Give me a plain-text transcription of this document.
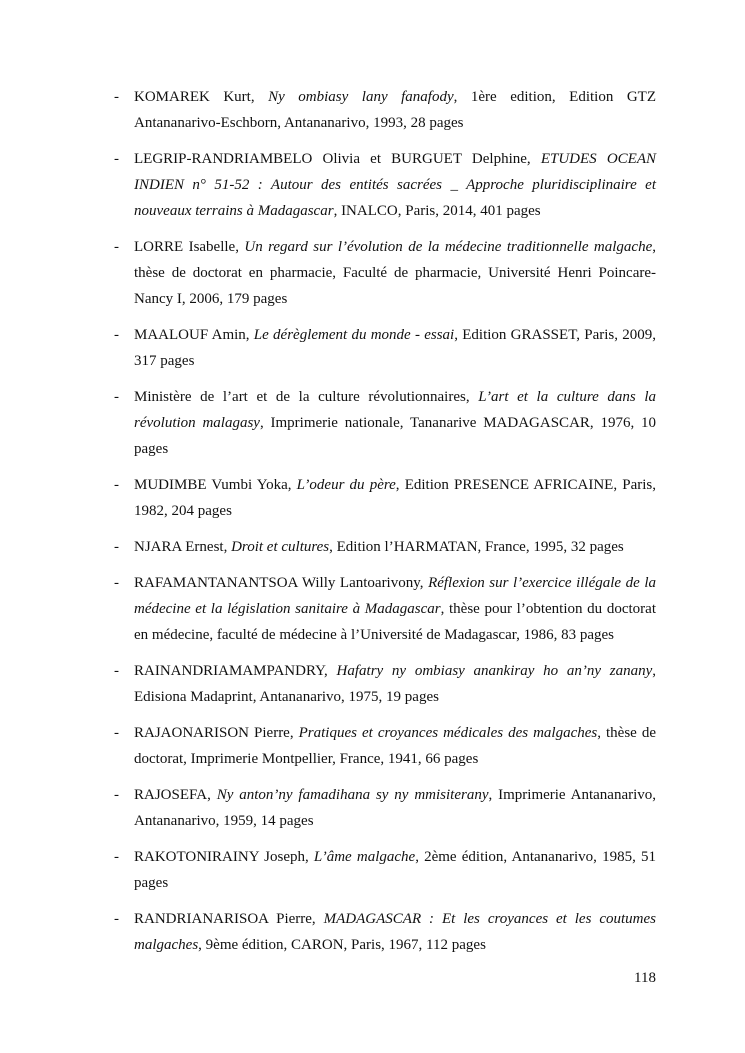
- KOMAREK Kurt, Ny ombiasy lany fanafody, 1ère edition, Edition GTZ Antananarivo-Eschborn, Antananarivo, 1993, 28 pages
- LEGRIP-RANDRIAMBELO Olivia et BURGUET Delphine, ETUDES OCEAN INDIEN n° 51-52 : Autour des entités sacrées _ Approche pluridisciplinaire et nouveaux terrains à Madagascar, INALCO, Paris, 2014, 401 pages
- LORRE Isabelle, Un regard sur l’évolution de la médecine traditionnelle malgache, thèse de doctorat en pharmacie, Faculté de pharmacie, Université Henri Poincare-Nancy I, 2006, 179 pages
- MAALOUF Amin, Le dérèglement du monde - essai, Edition GRASSET, Paris, 2009, 317 pages
- Ministère de l’art et de la culture révolutionnaires, L’art et la culture dans la révolution malagasy, Imprimerie nationale, Tananarive MADAGASCAR, 1976, 10 pages
- MUDIMBE Vumbi Yoka, L’odeur du père, Edition PRESENCE AFRICAINE, Paris, 1982, 204 pages
- NJARA Ernest, Droit et cultures, Edition l’HARMATAN, France, 1995, 32 pages
- RAFAMANTANANTSOA Willy Lantoarivony, Réflexion sur l’exercice illégale de la médecine et la législation sanitaire à Madagascar, thèse pour l’obtention du doctorat en médecine, faculté de médecine à l’Université de Madagascar, 1986, 83 pages
- RAINANDRIAMAMPANDRY, Hafatry ny ombiasy anankiray ho an’ny zanany, Edisiona Madaprint, Antananarivo, 1975, 19 pages
- RAJAONARISON Pierre, Pratiques et croyances médicales des malgaches, thèse de doctorat, Imprimerie Montpellier, France, 1941, 66 pages
- RAJOSEFA, Ny anton’ny famadihana sy ny mmisiterany, Imprimerie Antananarivo, Antananarivo, 1959, 14 pages
- RAKOTONIRAINY Joseph, L’âme malgache, 2ème édition, Antananarivo, 1985, 51 pages
- RANDRIANARISOA Pierre, MADAGASCAR : Et les croyances et les coutumes malgaches, 9ème édition, CARON, Paris, 1967, 112 pages
118
